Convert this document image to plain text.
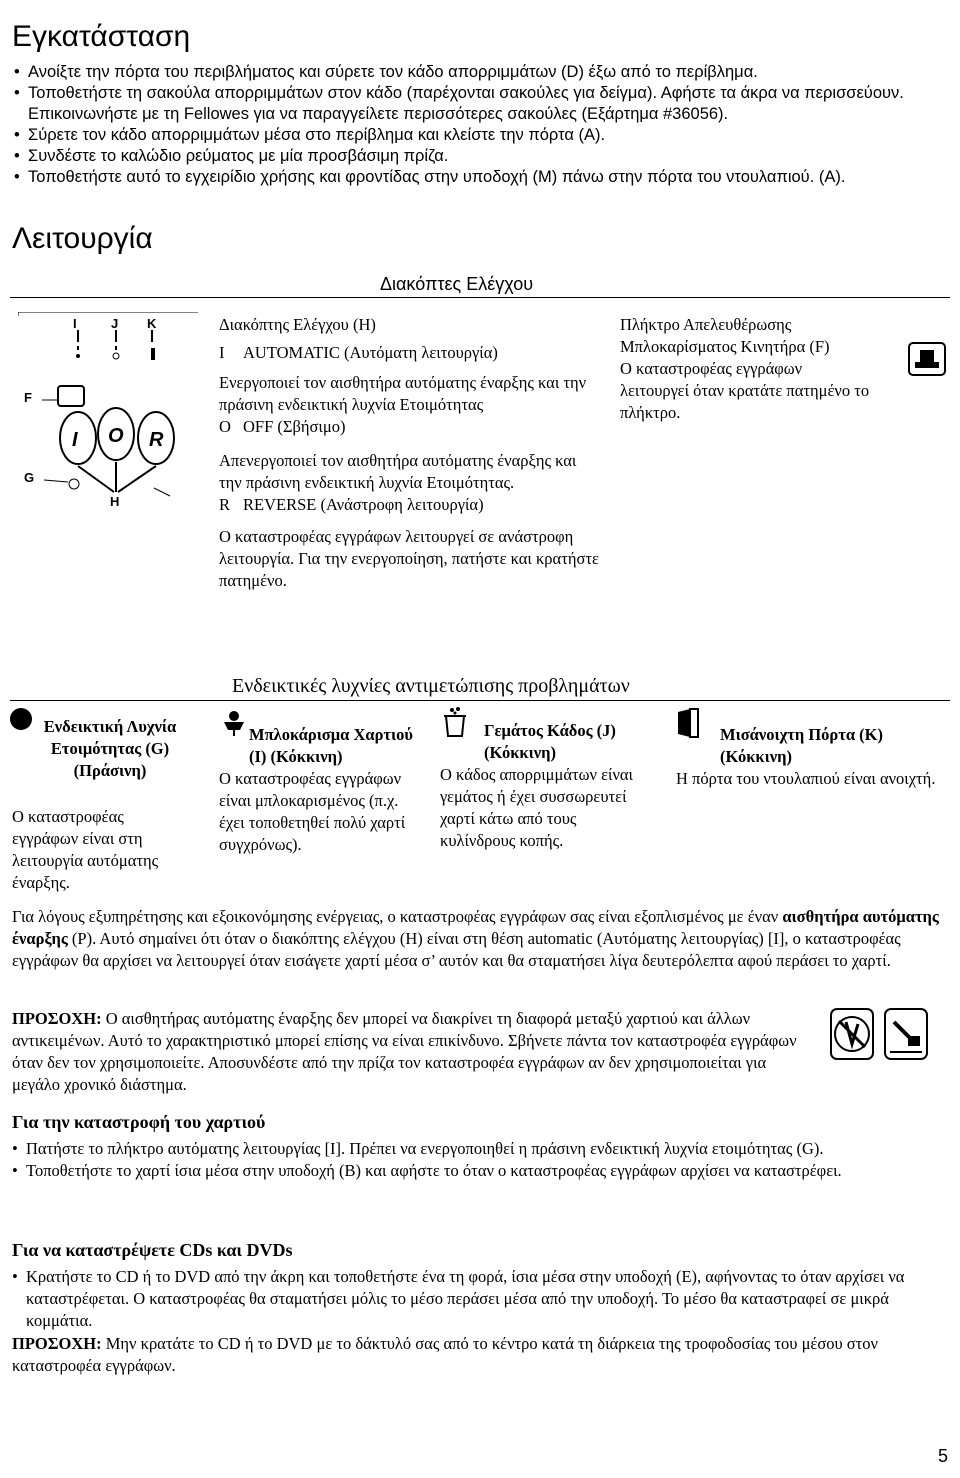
Εγκατάσταση
• Ανοίξτε την πόρτα του περιβλήματος και σύρετε τον κάδο απορριμμάτων (D) έξω από το περίβλημα.
• Τοποθετήστε τη σακούλα απορριμμάτων στον κάδο (παρέχονται σακούλες για δείγμα). Αφήστε τα άκρα να περισσεύουν. Επικοινωνήστε με τη Fellowes για να παραγγείλετε περισσότερες σακούλες (Εξάρτημα #36056).
• Σύρετε τον κάδο απορριμμάτων μέσα στο περίβλημα και κλείστε την πόρτα (A).
• Συνδέστε το καλώδιο ρεύματος με μία προσβάσιμη πρίζα.
• Τοποθετήστε αυτό το εγχειρίδιο χρήσης και φροντίδας στην υποδοχή (M) πάνω στην πόρτα του ντουλαπιού. (A).
Λειτουργία
Διακόπτες Ελέγχου
I	J K
F
G
H
I O R
Διακόπτης Ελέγχου (H)
I AUTOMATIC (Αυτόματη λειτουργία)
Ενεργοποιεί τον αισθητήρα αυτόματης έναρξης και την πράσινη ενδεικτική λυχνία Ετοιμότητας
O OFF (Σβήσιμο)
Απενεργοποιεί τον αισθητήρα αυτόματης έναρξης και την πράσινη ενδεικτική λυχνία Ετοιμότητας.
R REVERSE (Ανάστροφη λειτουργία)
Ο καταστροφέας εγγράφων λειτουργεί σε ανάστροφη λειτουργία. Για την ενεργοποίηση, πατήστε και κρατήστε πατημένο.
Πλήκτρο Απελευθέρωσης Μπλοκαρίσματος Κινητήρα (F)
Ο καταστροφέας εγγράφων λειτουργεί όταν κρατάτε πατημένο το πλήκτρο.
Ενδεικτικές λυχνίες αντιμετώπισης προβλημάτων
Ενδεικτική Λυχνία Ετοιμότητας (G) (Πράσινη)
Ο καταστροφέας εγγράφων είναι στη λειτουργία αυτόματης έναρξης.
Μπλοκάρισμα Χαρτιού (I) (Κόκκινη)
Ο καταστροφέας εγγράφων είναι μπλοκαρισμένος (π.χ. έχει τοποθετηθεί πολύ χαρτί συγχρόνως).
Γεμάτος Κάδος (J) (Κόκκινη)
Ο κάδος απορριμμάτων είναι γεμάτος ή έχει συσσωρευτεί χαρτί κάτω από τους κυλίνδρους κοπής.
Μισάνοιχτη Πόρτα (K) (Κόκκινη)
Η πόρτα του ντουλαπιού είναι ανοιχτή.

Για λόγους εξυπηρέτησης και εξοικονόμησης ενέργειας, ο καταστροφέας εγγράφων σας είναι εξοπλισμένος με έναν αισθητήρα αυτόματης έναρξης (P). Αυτό σημαίνει ότι όταν ο διακόπτης ελέγχου (H) είναι στη θέση automatic (Αυτόματης λειτουργίας) [I], ο καταστροφέας εγγράφων θα αρχίσει να λειτουργεί όταν εισάγετε χαρτί μέσα σ’ αυτόν και θα σταματήσει λίγα δευτερόλεπτα αφού περάσει το χαρτί.

ΠΡΟΣΟΧΗ: Ο αισθητήρας αυτόματης έναρξης δεν μπορεί να διακρίνει τη διαφορά μεταξύ χαρτιού και άλλων αντικειμένων. Αυτό το χαρακτηριστικό μπορεί επίσης να είναι επικίνδυνο. Σβήνετε πάντα τον καταστροφέα εγγράφων όταν δεν τον χρησιμοποιείτε. Αποσυνδέστε από την πρίζα τον καταστροφέα εγγράφων αν δεν χρησιμοποιείται για μεγάλο χρονικό διάστημα.

Για την καταστροφή του χαρτιού
• Πατήστε το πλήκτρο αυτόματης λειτουργίας [I]. Πρέπει να ενεργοποιηθεί η πράσινη ενδεικτική λυχνία ετοιμότητας (G).
• Τοποθετήστε το χαρτί ίσια μέσα στην υποδοχή (B) και αφήστε το όταν ο καταστροφέας εγγράφων αρχίσει να καταστρέφει.
Για να καταστρέψετε CDs και DVDs
• Κρατήστε το CD ή το DVD από την άκρη και τοποθετήστε ένα τη φορά, ίσια μέσα στην υποδοχή (E), αφήνοντας το όταν αρχίσει να καταστρέφεται. Ο καταστροφέας θα σταματήσει μόλις το μέσο περάσει μέσα από την υποδοχή. Το μέσο θα καταστραφεί σε μικρά κομμάτια.

ΠΡΟΣΟΧΗ: Μην κρατάτε το CD ή το DVD με το δάκτυλό σας από το κέντρο κατά τη διάρκεια της τροφοδοσίας του μέσου στον καταστροφέα εγγράφων.

5
